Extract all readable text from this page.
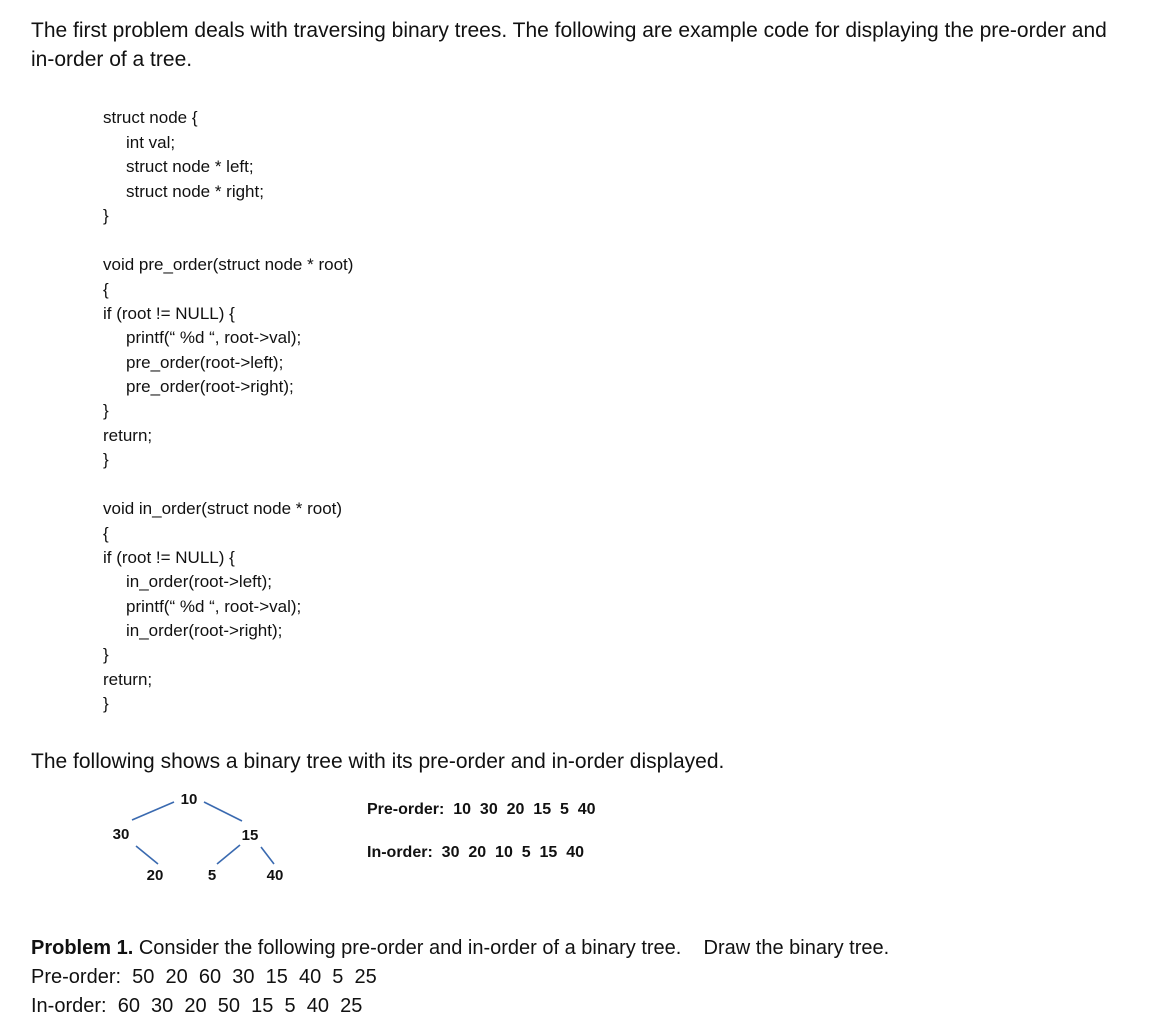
The first problem deals with traversing binary trees. The following are example code for displaying the pre-order and in-order of a tree.

struct node {
int val;
struct node * left;
struct node * right;
}
void pre_order(struct node * root)
{
if (root != NULL) {
printf(“ %d “, root->val);
pre_order(root->left);
pre_order(root->right);
}
return;
}
void in_order(struct node * root)
{
if (root != NULL) {
in_order(root->left);
printf(“ %d “, root->val);
in_order(root->right);
}
return;
}
The following shows a binary tree with its pre-order and in-order displayed.
10
30	15
20	5	40
Pre-order:  10  30  20  15  5  40
In-order:  30  20  10  5  15  40
Problem 1. Consider the following pre-order and in-order of a binary tree.    Draw the binary tree.
Pre-order:  50  20  60  30  15  40  5  25
In-order:  60  30  20  50  15  5  40  25
